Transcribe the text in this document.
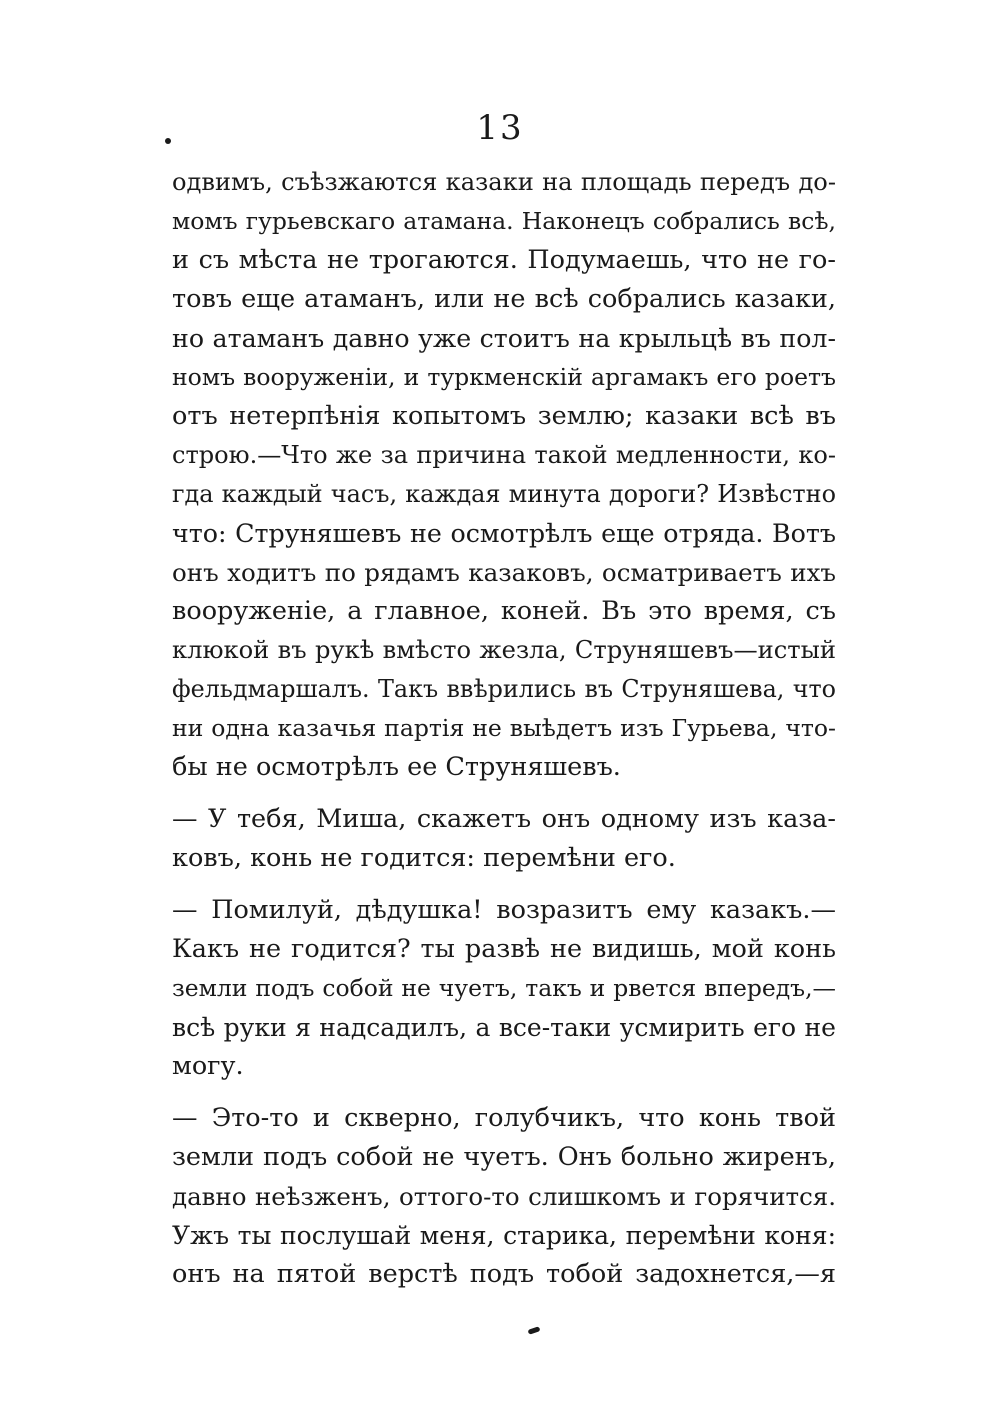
13
одвимъ, съѣзжаются казаки на площадь передъ до-
момъ гурьевскаго атамана. Наконецъ собрались всѣ,
и съ мѣста не трогаются. Подумаешь, что не го-
товъ еще атаманъ, или не всѣ собрались казаки,
но атаманъ давно уже стоитъ на крыльцѣ въ пол-
номъ вооруженіи, и туркменскій аргамакъ его роетъ
отъ нетерпѣнія копытомъ землю; казаки всѣ въ
строю.—Что же за причина такой медленности, ко-
гда каждый часъ, каждая минута дороги? Извѣстно
что: Струняшевъ не осмотрѣлъ еще отряда. Вотъ
онъ ходитъ по рядамъ казаковъ, осматриваетъ ихъ
вооруженіе, а главное, коней. Въ это время, съ
клюкой въ рукѣ вмѣсто жезла, Струняшевъ—истый
фельдмаршалъ. Такъ ввѣрились въ Струняшева, что
ни одна казачья партія не выѣдетъ изъ Гурьева, что-
бы не осмотрѣлъ ее Струняшевъ.
— У тебя, Миша, скажетъ онъ одному изъ каза-
ковъ, конь не годится: перемѣни его.
— Помилуй, дѣдушка! возразитъ ему казакъ.—
Какъ не годится? ты развѣ не видишь, мой конь
земли подъ собой не чуетъ, такъ и рвется впередъ,—
всѣ руки я надсадилъ, а все-таки усмирить его не
могу.
— Это-то и скверно, голубчикъ, что конь твой
земли подъ собой не чуетъ. Онъ больно жиренъ,
давно неѣзженъ, оттого-то слишкомъ и горячится.
Ужъ ты послушай меня, старика, перемѣни коня:
онъ на пятой верстѣ подъ тобой задохнется,—я
